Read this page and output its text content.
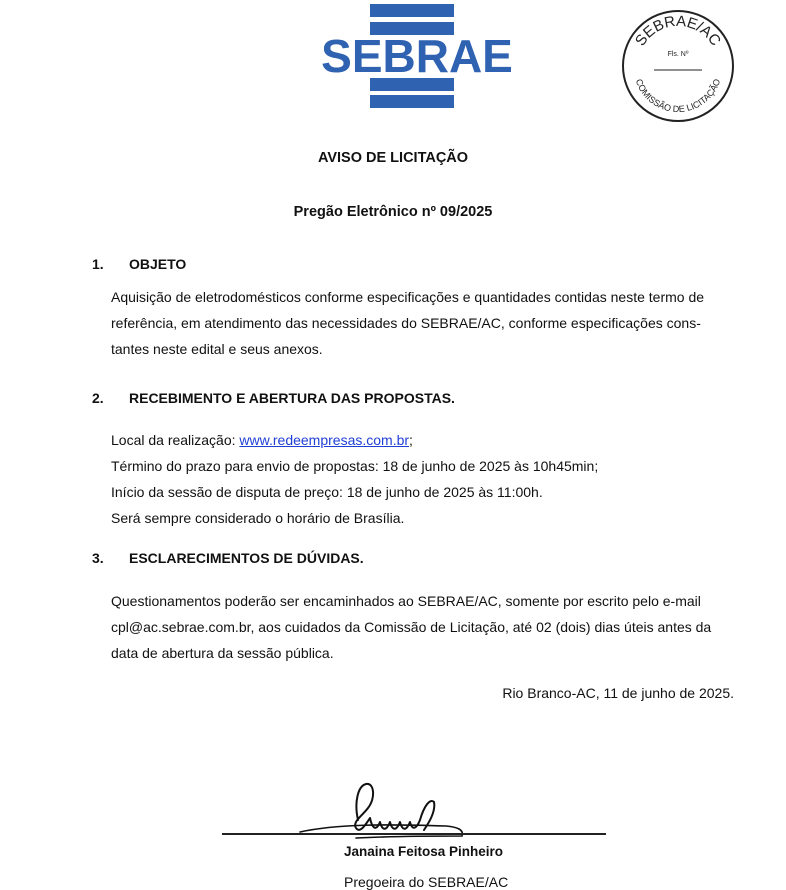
SEBRAE	SEBRAE/AC
Fls. Nº
COMISSÃO DE LICITAÇÃO
AVISO DE LICITAÇÃO
Pregão Eletrônico nº 09/2025
1. OBJETO
Aquisição de eletrodomésticos conforme especificações e quantidades contidas neste termo de
referência, em atendimento das necessidades do SEBRAE/AC, conforme especificações cons-
tantes neste edital e seus anexos.
2. RECEBIMENTO E ABERTURA DAS PROPOSTAS.
Local da realização: www.redeempresas.com.br;
Término do prazo para envio de propostas: 18 de junho de 2025 às 10h45min;
Início da sessão de disputa de preço: 18 de junho de 2025 às 11:00h.
Será sempre considerado o horário de Brasília.
3. ESCLARECIMENTOS DE DÚVIDAS.
Questionamentos poderão ser encaminhados ao SEBRAE/AC, somente por escrito pelo e-mail
cpl@ac.sebrae.com.br, aos cuidados da Comissão de Licitação, até 02 (dois) dias úteis antes da
data de abertura da sessão pública.
Rio Branco-AC, 11 de junho de 2025.
Janaina Feitosa Pinheiro
Pregoeira do SEBRAE/AC
